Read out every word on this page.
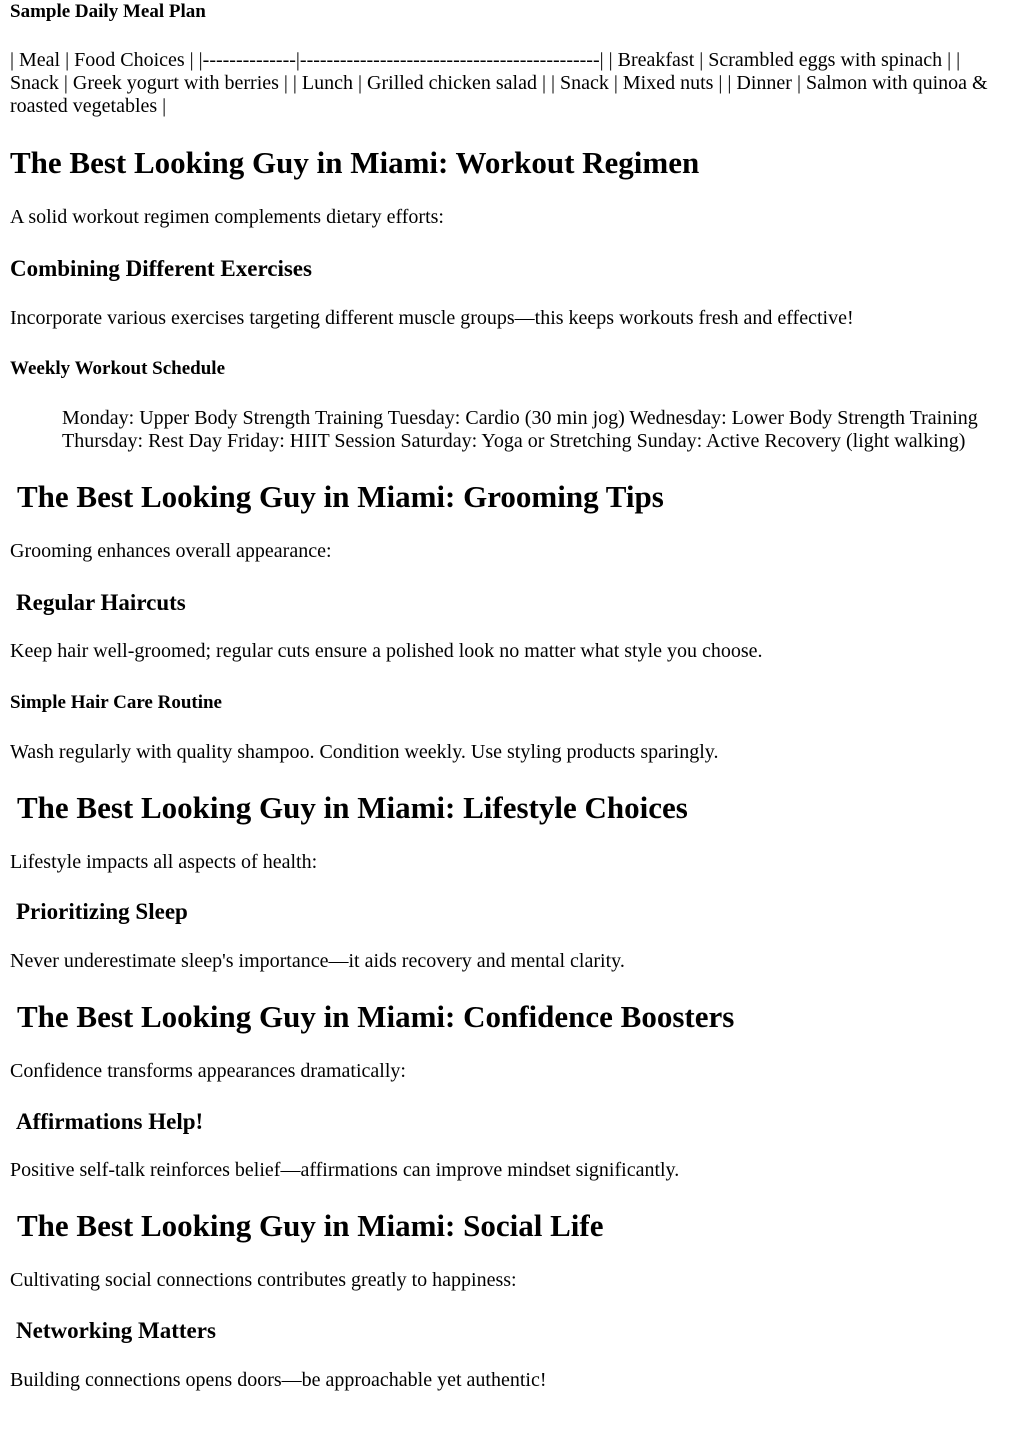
Sample Daily Meal Plan

| Meal | Food Choices | |--------------|---------------------------------------------| | Breakfast | Scrambled eggs with spinach | | Snack | Greek yogurt with berries | | Lunch | Grilled chicken salad | | Snack | Mixed nuts | | Dinner | Salmon with quinoa & roasted vegetables |

The Best Looking Guy in Miami: Workout Regimen

A solid workout regimen complements dietary efforts:

Combining Different Exercises

Incorporate various exercises targeting different muscle groups—this keeps workouts fresh and effective!

Weekly Workout Schedule

Monday: Upper Body Strength Training Tuesday: Cardio (30 min jog) Wednesday: Lower Body Strength Training Thursday: Rest Day Friday: HIIT Session Saturday: Yoga or Stretching Sunday: Active Recovery (light walking)

The Best Looking Guy in Miami: Grooming Tips

Grooming enhances overall appearance:

Regular Haircuts

Keep hair well-groomed; regular cuts ensure a polished look no matter what style you choose.

Simple Hair Care Routine

Wash regularly with quality shampoo. Condition weekly. Use styling products sparingly.

The Best Looking Guy in Miami: Lifestyle Choices

Lifestyle impacts all aspects of health:

Prioritizing Sleep

Never underestimate sleep's importance—it aids recovery and mental clarity.

The Best Looking Guy in Miami: Confidence Boosters

Confidence transforms appearances dramatically:

Affirmations Help!

Positive self-talk reinforces belief—affirmations can improve mindset significantly.

The Best Looking Guy in Miami: Social Life

Cultivating social connections contributes greatly to happiness:

Networking Matters

Building connections opens doors—be approachable yet authentic!
